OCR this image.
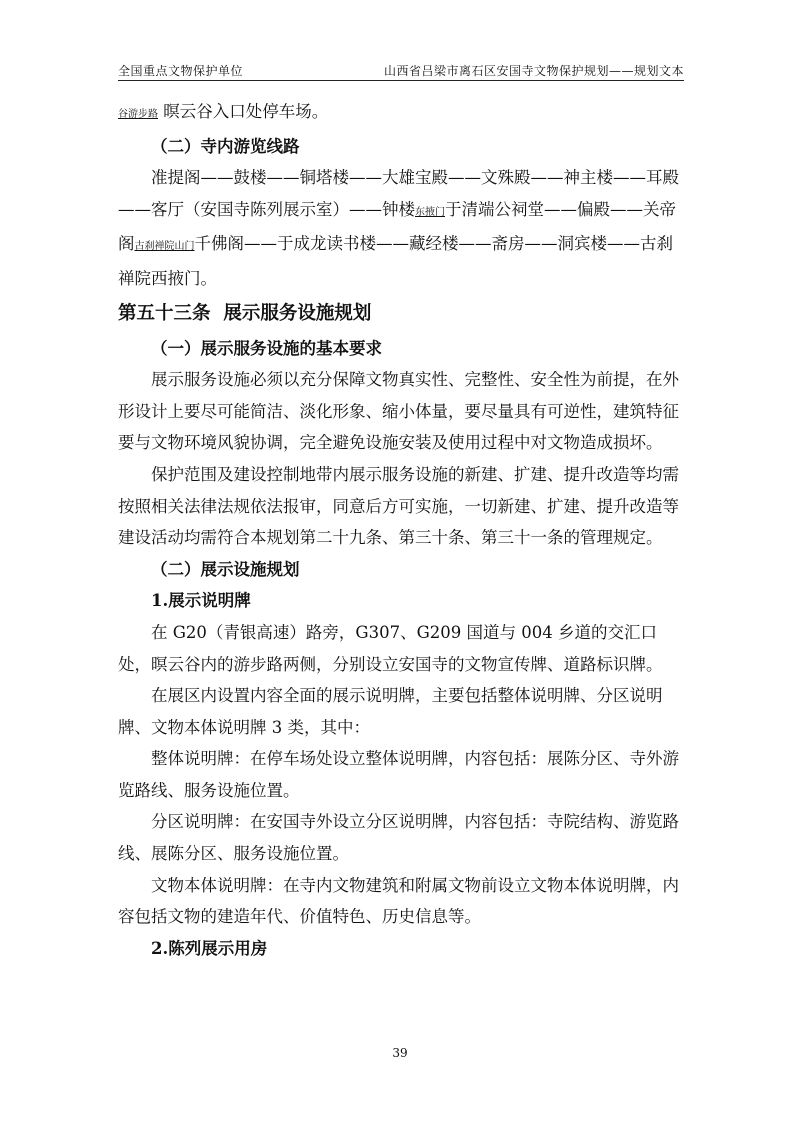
全国重点文物保护单位	山西省吕梁市离石区安国寺文物保护规划——规划文本

谷游步路 暝云谷入口处停车场。

（二）寺内游览线路

准提阁——鼓楼——铜塔楼——大雄宝殿——文殊殿——神主楼——耳殿——客厅（安国寺陈列展示室）——钟楼东掖门于清端公祠堂——偏殿——关帝阁古刹禅院山门千佛阁——于成龙读书楼——藏经楼——斋房——洞宾楼——古刹禅院西掖门。

第五十三条  展示服务设施规划

（一）展示服务设施的基本要求

展示服务设施必须以充分保障文物真实性、完整性、安全性为前提，在外形设计上要尽可能简洁、淡化形象、缩小体量，要尽量具有可逆性，建筑特征要与文物环境风貌协调，完全避免设施安装及使用过程中对文物造成损坏。

保护范围及建设控制地带内展示服务设施的新建、扩建、提升改造等均需按照相关法律法规依法报审，同意后方可实施，一切新建、扩建、提升改造等建设活动均需符合本规划第二十九条、第三十条、第三十一条的管理规定。

（二）展示设施规划

1.展示说明牌

在 G20（青银高速）路旁，G307、G209 国道与 004 乡道的交汇口处，暝云谷内的游步路两侧，分别设立安国寺的文物宣传牌、道路标识牌。

在展区内设置内容全面的展示说明牌，主要包括整体说明牌、分区说明牌、文物本体说明牌 3 类，其中：

整体说明牌：在停车场处设立整体说明牌，内容包括：展陈分区、寺外游览路线、服务设施位置。

分区说明牌：在安国寺外设立分区说明牌，内容包括：寺院结构、游览路线、展陈分区、服务设施位置。

文物本体说明牌：在寺内文物建筑和附属文物前设立文物本体说明牌，内容包括文物的建造年代、价值特色、历史信息等。

2.陈列展示用房

39
